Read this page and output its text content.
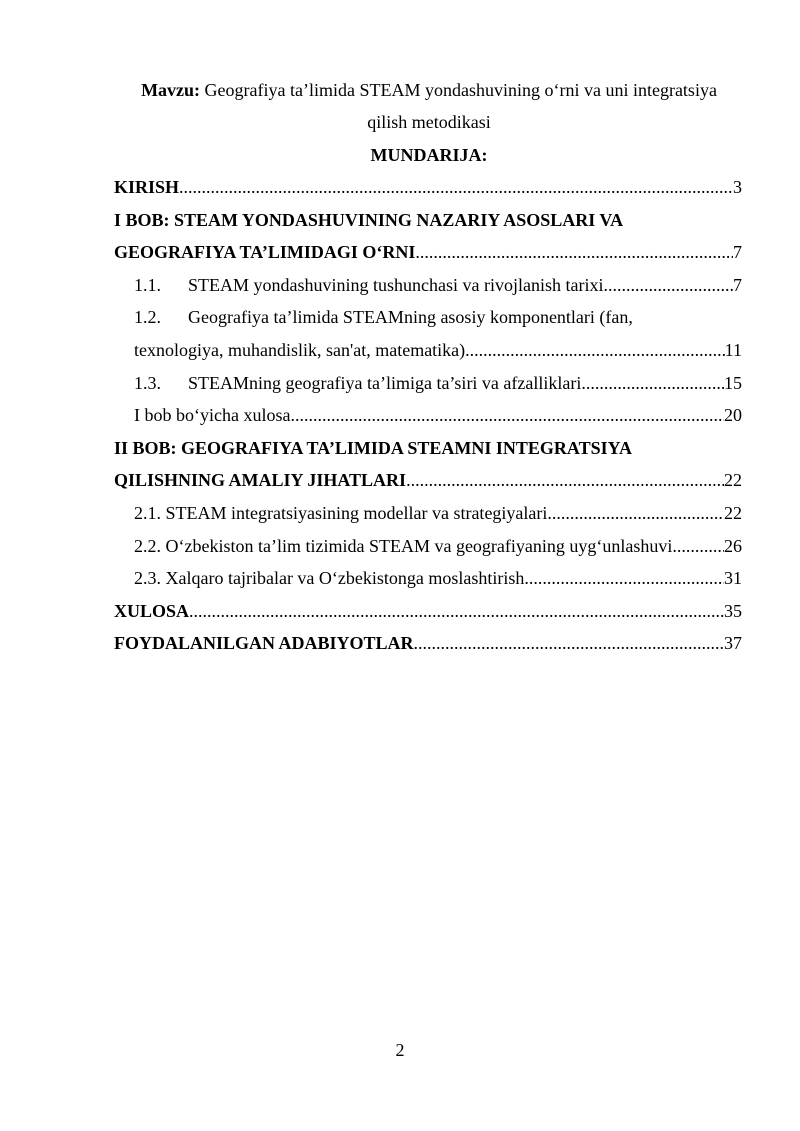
Mavzu: Geografiya ta’limida STEAM yondashuvining o‘rni va uni integratsiya
qilish metodikasi
MUNDARIJA:
KIRISH .....	3
I BOB: STEAM YONDASHUVINING NAZARIY ASOSLARI VA
GEOGRAFIYA TA’LIMIDAGI O‘RNI .....	7
1.1. STEAM yondashuvining tushunchasi va rivojlanish tarixi .....	7
1.2. Geografiya ta’limida STEAMning asosiy komponentlari (fan,
texnologiya, muhandislik, san'at, matematika) .....	11
1.3. STEAMning geografiya ta’limiga ta’siri va afzalliklari .....	15
I bob bo‘yicha xulosa .....	20
II BOB: GEOGRAFIYA TA’LIMIDA STEAMNI INTEGRATSIYA
QILISHNING AMALIY JIHATLARI .....	22
2.1. STEAM integratsiyasining modellar va strategiyalari .....	22
2.2. O‘zbekiston ta’lim tizimida STEAM va geografiyaning uyg‘unlashuvi .....	26
2.3. Xalqaro tajribalar va O‘zbekistonga moslashtirish .....	31
XULOSA .....	35
FOYDALANILGAN ADABIYOTLAR .....	37
2
